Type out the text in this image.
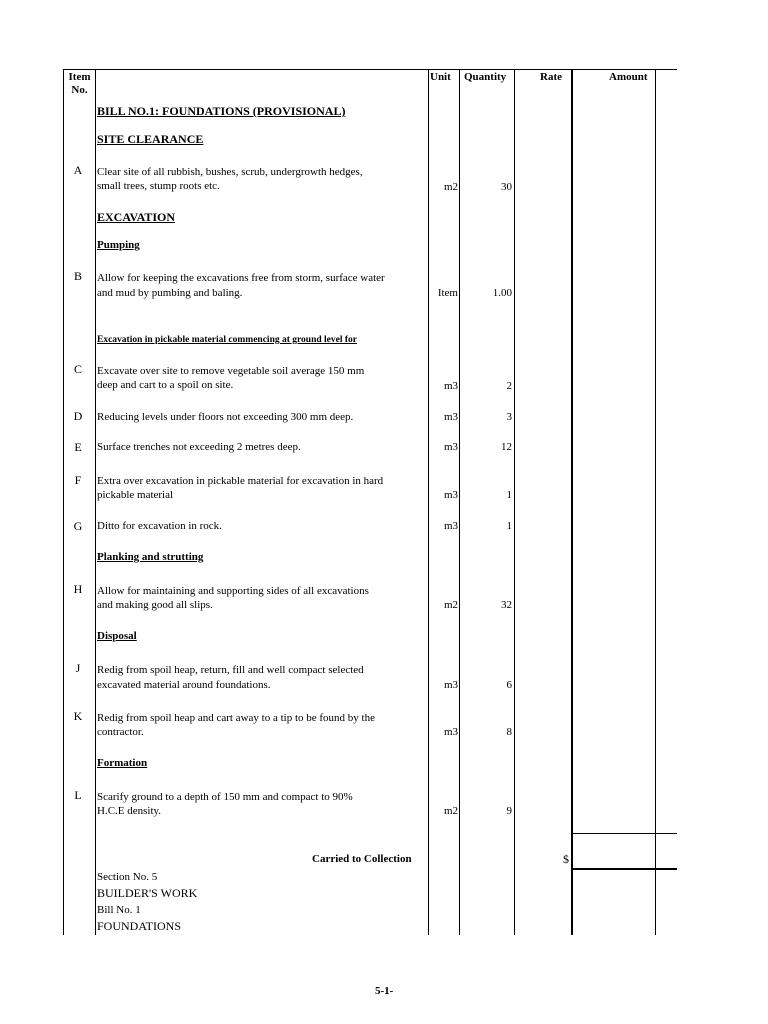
Item
No.
Unit Quantity	Rate	Amount
BILL NO.1: FOUNDATIONS (PROVISIONAL)
SITE CLEARANCE
A	Clear site of all rubbish, bushes, scrub, undergrowth hedges,
small trees, stump roots etc.	m2	30
EXCAVATION
Pumping
B	Allow for keeping the excavations free from storm, surface water
and mud by pumbing and baling.	Item	1.00
Excavation in pickable material commencing at ground level for
C	Excavate over site to remove vegetable soil average 150 mm
deep and cart to a spoil on site.	m3	2
D	Reducing levels under floors not exceeding 300 mm deep.	m3	3
E	Surface trenches not exceeding 2 metres deep.	m3	12
F	Extra over excavation in pickable material for excavation in hard
pickable material	m3	1
G	Ditto for excavation in rock.	m3	1
Planking and strutting
H	Allow for maintaining and supporting sides of all excavations
and making good all slips.	m2	32
Disposal
J	Redig from spoil heap, return, fill and well compact selected
excavated material around foundations.	m3	6
K	Redig from spoil heap and cart away to a tip to be found by the
contractor.	m3	8
Formation
L	Scarify ground to a depth of 150 mm and compact to 90%
H.C.E density.	m2	9
Carried to Collection	$
Section No. 5
BUILDER'S WORK
Bill No. 1
FOUNDATIONS
5-1-
